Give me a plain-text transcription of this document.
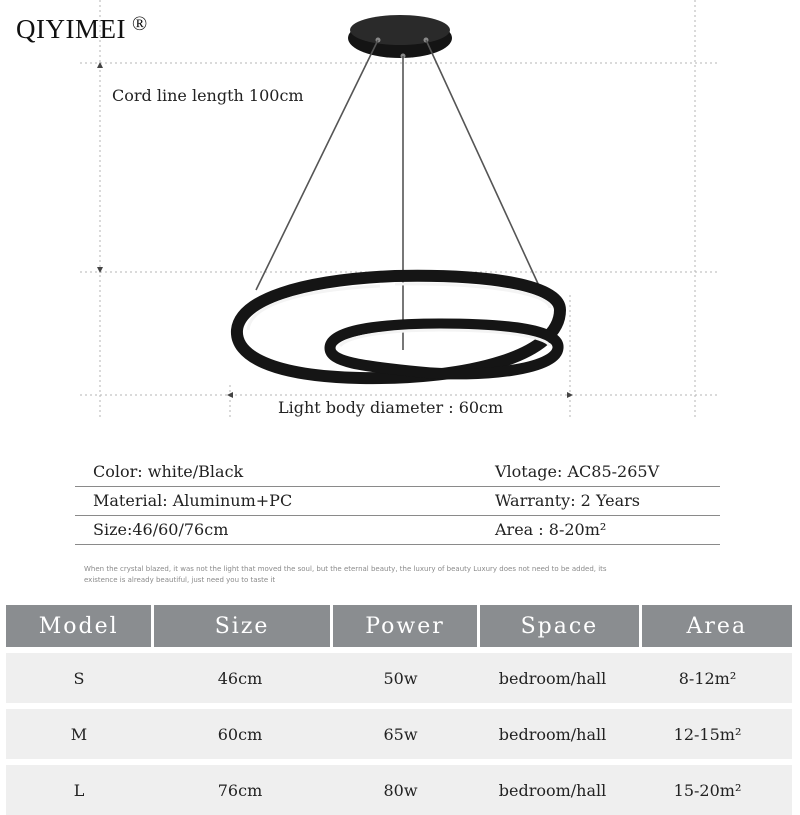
QIYIMEI ®
Cord line length 100cm
Light body diameter : 60cm
Color: white/Black	Vlotage: AC85-265V
Material: Aluminum+PC	Warranty: 2 Years
Size:46/60/76cm	Area : 8-20m²
When the crystal blazed, it was not the light that moved the soul, but the eternal beauty, the luxury of beauty Luxury does not need to be added, its existence is already beautiful, just need you to taste it
Model	Size	Power	Space	Area
S	46cm	50w	bedroom/hall	8-12m²
M	60cm	65w	bedroom/hall	12-15m²
L	76cm	80w	bedroom/hall	15-20m²
